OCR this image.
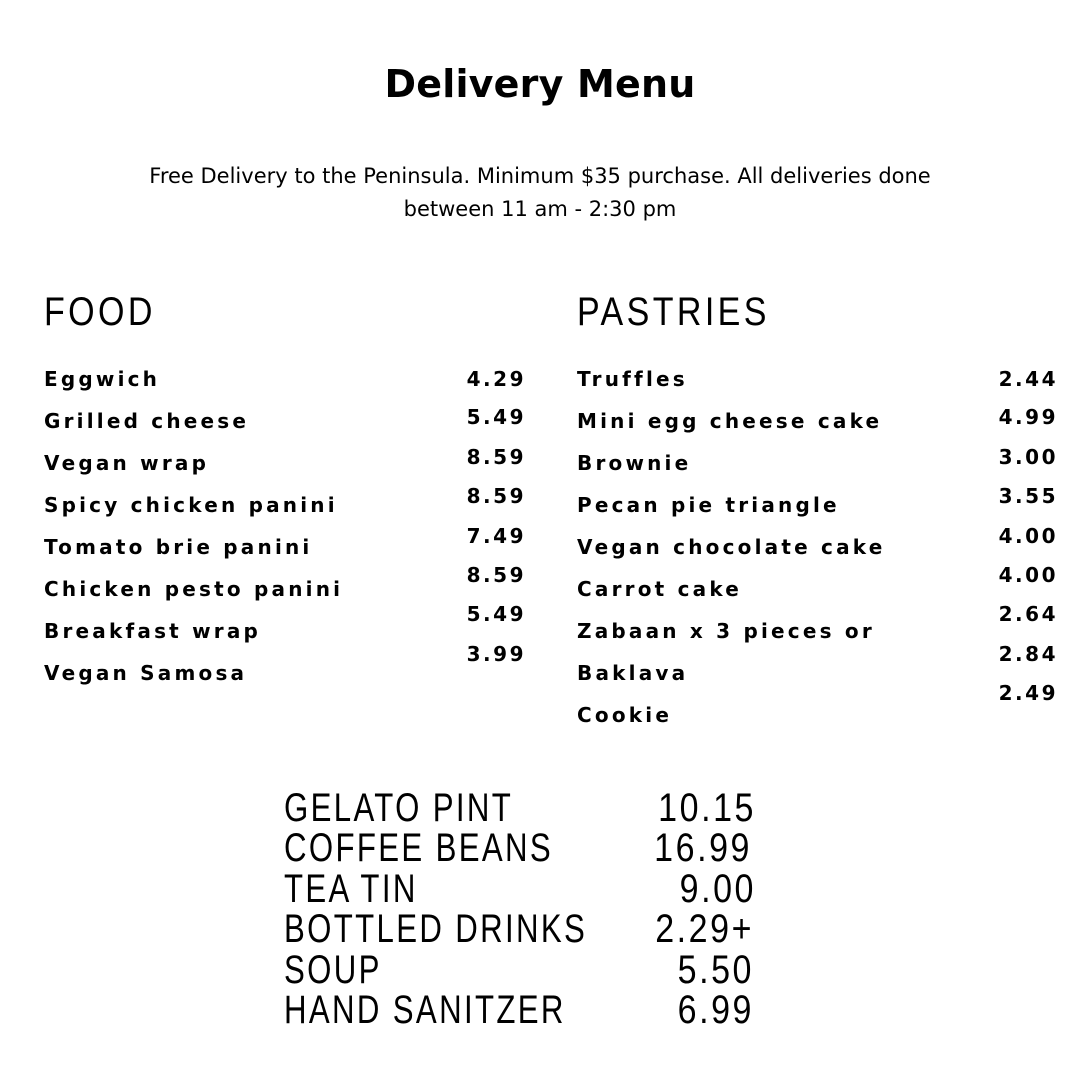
Delivery Menu
Free Delivery to the Peninsula. Minimum $35 purchase. All deliveries done
between 11 am - 2:30 pm
FOOD	PASTRIES
Eggwich
Grilled cheese
Vegan wrap
Spicy chicken panini
Tomato brie panini
Chicken pesto panini
Breakfast wrap
Vegan Samosa
4.29
5.49
8.59
8.59
7.49
8.59
5.49
3.99
Truffles
Mini egg cheese cake
Brownie
Pecan pie triangle
Vegan chocolate cake
Carrot cake
Zabaan x 3 pieces or
Baklava
Cookie
2.44
4.99
3.00
3.55
4.00
4.00
2.64
2.84
2.49
GELATO PINT
COFFEE BEANS
TEA TIN
BOTTLED DRINKS
SOUP
HAND SANITZER
10.15
16.99
9.00
2.29+
5.50
6.99
